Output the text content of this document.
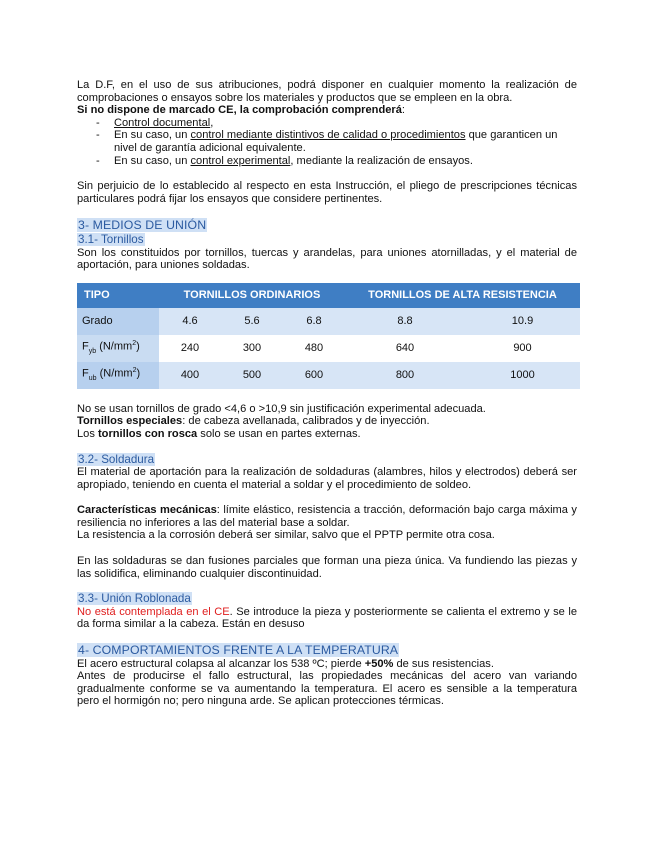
La D.F, en el uso de sus atribuciones, podrá disponer en cualquier momento la realización de comprobaciones o ensayos sobre los materiales y productos que se empleen en la obra.

Si no dispone de marcado CE, la comprobación comprenderá:

- Control documental,
- En su caso, un control mediante distintivos de calidad o procedimientos que garanticen un nivel de garantía adicional equivalente.
- En su caso, un control experimental, mediante la realización de ensayos.

Sin perjuicio de lo establecido al respecto en esta Instrucción, el pliego de prescripciones técnicas particulares podrá fijar los ensayos que considere pertinentes.

3- MEDIOS DE UNIÓN
3.1- Tornillos

Son los constituidos por tornillos, tuercas y arandelas, para uniones atornilladas, y el material de aportación, para uniones soldadas.

TIPO	TORNILLOS ORDINARIOS			TORNILLOS DE ALTA RESISTENCIA	
Grado	4.6	5.6	6.8	8.8	10.9
$F_{yb}$ $(N/mm^2)$	240	300	480	640	900
$F_{ub}$ $(N/mm^2)$	400	500	600	800	1000

No se usan tornillos de grado <4,6 o >10,9 sin justificación experimental adecuada.

Tornillos especiales: de cabeza avellanada, calibrados y de inyección.

Los tornillos con rosca solo se usan en partes externas.

3.2- Soldadura

El material de aportación para la realización de soldaduras (alambres, hilos y electrodos) deberá ser apropiado, teniendo en cuenta el material a soldar y el procedimiento de soldeo.

Características mecánicas: límite elástico, resistencia a tracción, deformación bajo carga máxima y resiliencia no inferiores a las del material base a soldar.

La resistencia a la corrosión deberá ser similar, salvo que el PPTP permite otra cosa.

En las soldaduras se dan fusiones parciales que forman una pieza única. Va fundiendo las piezas y las solidifica, eliminando cualquier discontinuidad.

3.3- Unión Roblonada

No está contemplada en el CE. Se introduce la pieza y posteriormente se calienta el extremo y se le da forma similar a la cabeza. Están en desuso

4- COMPORTAMIENTOS FRENTE A LA TEMPERATURA

El acero estructural colapsa al alcanzar los 538 ºC; pierde +50% de sus resistencias.

Antes de producirse el fallo estructural, las propiedades mecánicas del acero van variando gradualmente conforme se va aumentando la temperatura. El acero es sensible a la temperatura pero el hormigón no; pero ninguna arde. Se aplican protecciones térmicas.
